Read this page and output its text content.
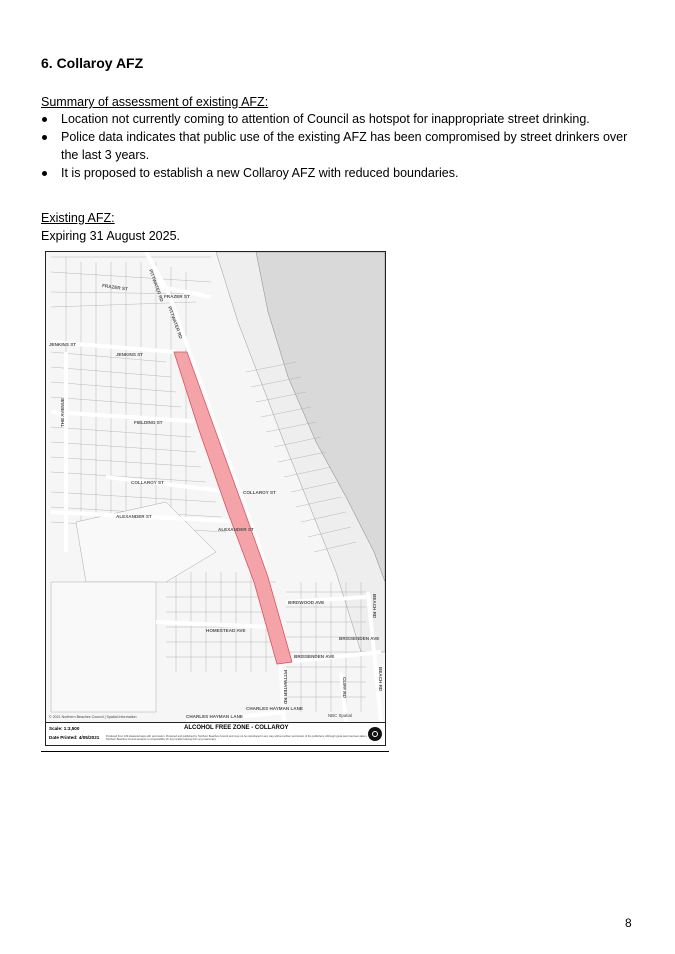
6. Collaroy AFZ
Summary of assessment of existing AFZ:

Location not currently coming to attention of Council as hotspot for inappropriate street drinking.

Police data indicates that public use of the existing AFZ has been compromised by street drinkers over the last 3 years.

It is proposed to establish a new Collaroy AFZ with reduced boundaries.

Existing AFZ:
Expiring 31 August 2025.
PITTWATER RD
FRAZER ST
FRAZER ST
PITTWATER RD
JENKINS ST
JENKINS ST
THE AVENUE	FIELDING ST
COLLAROY ST
COLLAROY ST
ALEXANDER ST
ALEXANDER ST
BIRDWOOD AVE
HOMESTEAD AVE
BRISSENDEN AVE
BRISSENDEN AVE
BEACH RD
BEACH RD
CLIFF RD
PITTWATER RD
CHARLES HAYMAN LANE
CHARLES HAYMAN LANE
© 2021 Northern Beaches Council | Spatial Information	NBC Spatial
Scale: 1:3,500
Date Printed: 4/05/2021
ALCOHOL FREE ZONE - COLLAROY
Produced from GIS datasets/maps with permission. Produced and published by Northern Beaches Council and may not be reproduced in any way without written permission of the publishers. Although great care has been taken, Northern Beaches Council accepts no responsibility for any incident arising from any inaccuracy.
8
